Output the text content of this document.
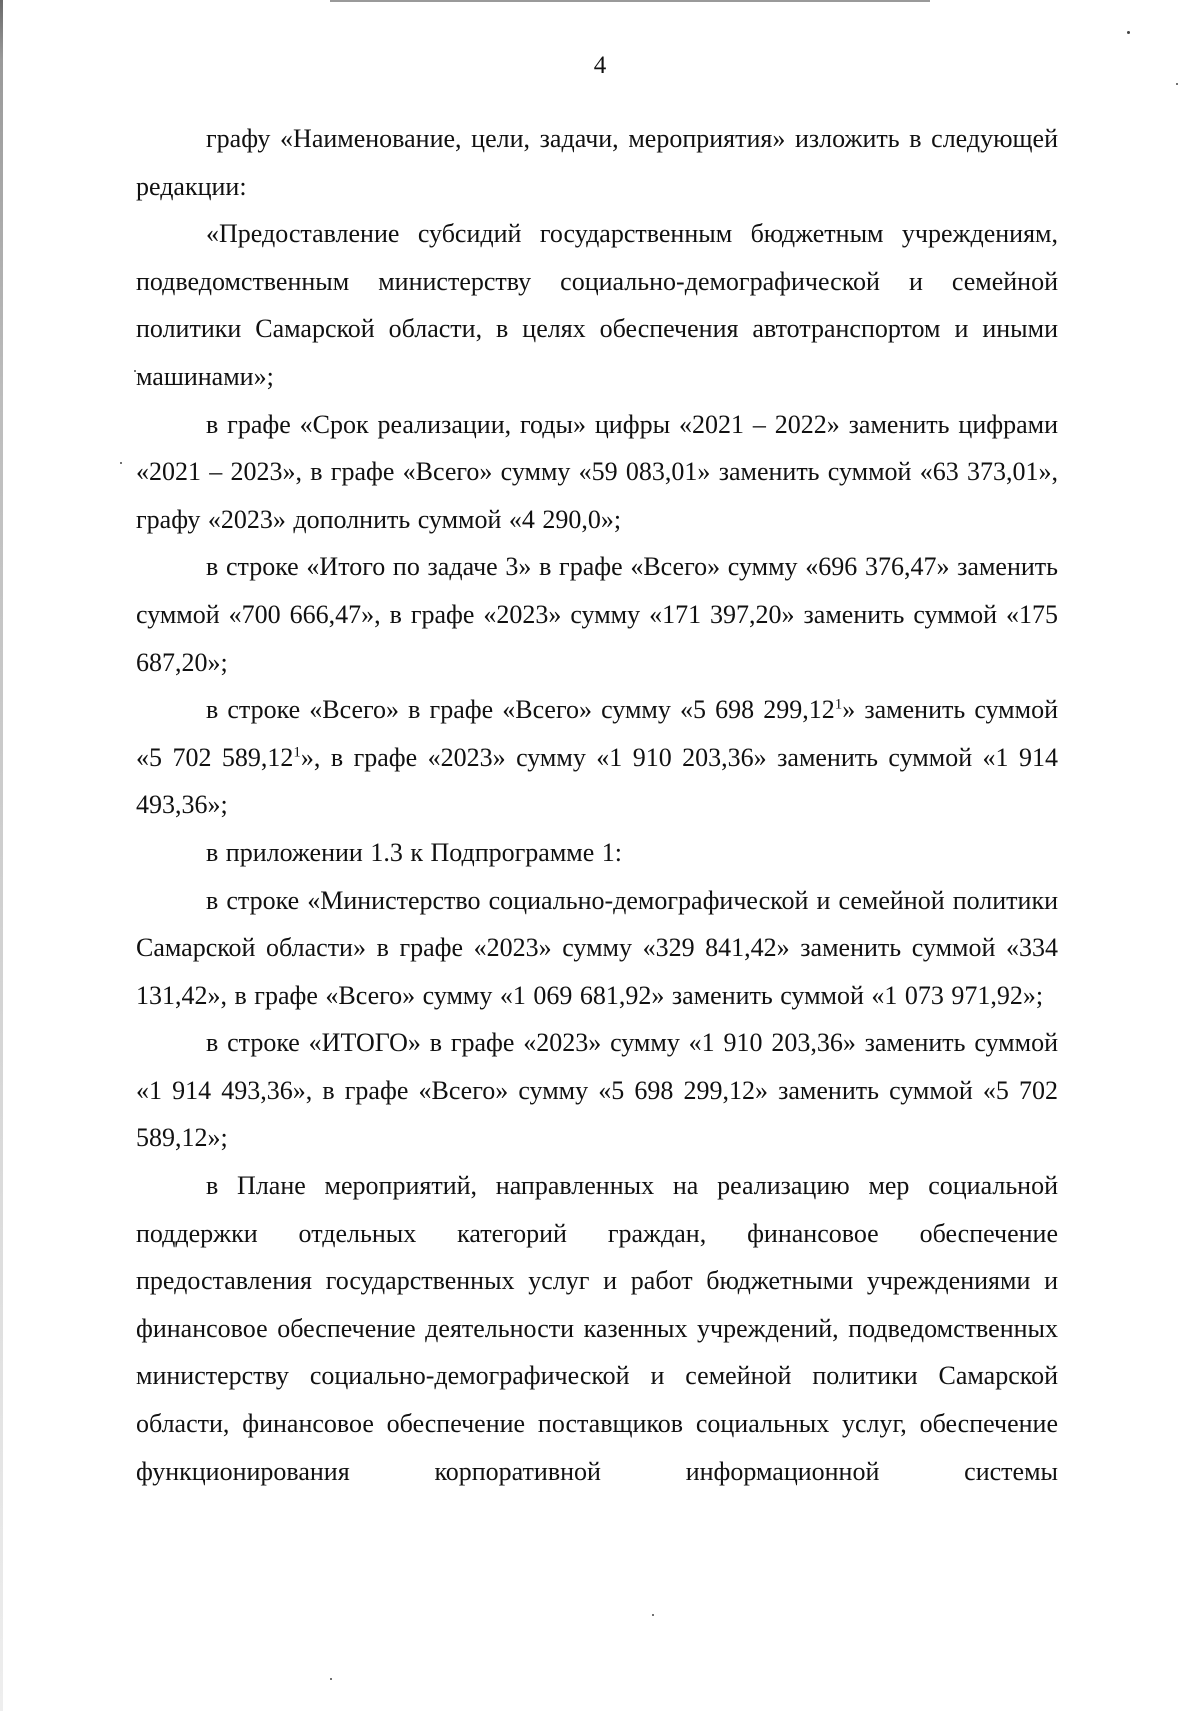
4

графу «Наименование, цели, задачи, мероприятия» изложить в следующей редакции:

«Предоставление субсидий государственным бюджетным учреждениям, подведомственным министерству социально-демографической и семейной политики Самарской области, в целях обеспечения автотранспортом и иными машинами»;

в графе «Срок реализации, годы» цифры «2021 – 2022» заменить цифрами «2021 – 2023», в графе «Всего» сумму «59 083,01» заменить суммой «63 373,01», графу «2023» дополнить суммой «4 290,0»;

в строке «Итого по задаче 3» в графе «Всего» сумму «696 376,47» заменить суммой «700 666,47», в графе «2023» сумму «171 397,20» заменить суммой «175 687,20»;

в строке «Всего» в графе «Всего» сумму «5 698 299,12$^1$» заменить суммой «5 702 589,12$^1$», в графе «2023» сумму «1 910 203,36» заменить суммой «1 914 493,36»;

в приложении 1.3 к Подпрограмме 1:

в строке «Министерство социально-демографической и семейной политики Самарской области» в графе «2023» сумму «329 841,42» заменить суммой «334 131,42», в графе «Всего» сумму «1 069 681,92» заменить суммой «1 073 971,92»;

в строке «ИТОГО» в графе «2023» сумму «1 910 203,36» заменить суммой «1 914 493,36», в графе «Всего» сумму «5 698 299,12» заменить суммой «5 702 589,12»;

в Плане мероприятий, направленных на реализацию мер социальной поддержки отдельных категорий граждан, финансовое обеспечение предоставления государственных услуг и работ бюджетными учреждениями и финансовое обеспечение деятельности казенных учреждений, подведомственных министерству социально-демографической и семейной политики Самарской области, финансовое обеспечение поставщиков социальных услуг, обеспечение функционирования корпоративной информационной системы
